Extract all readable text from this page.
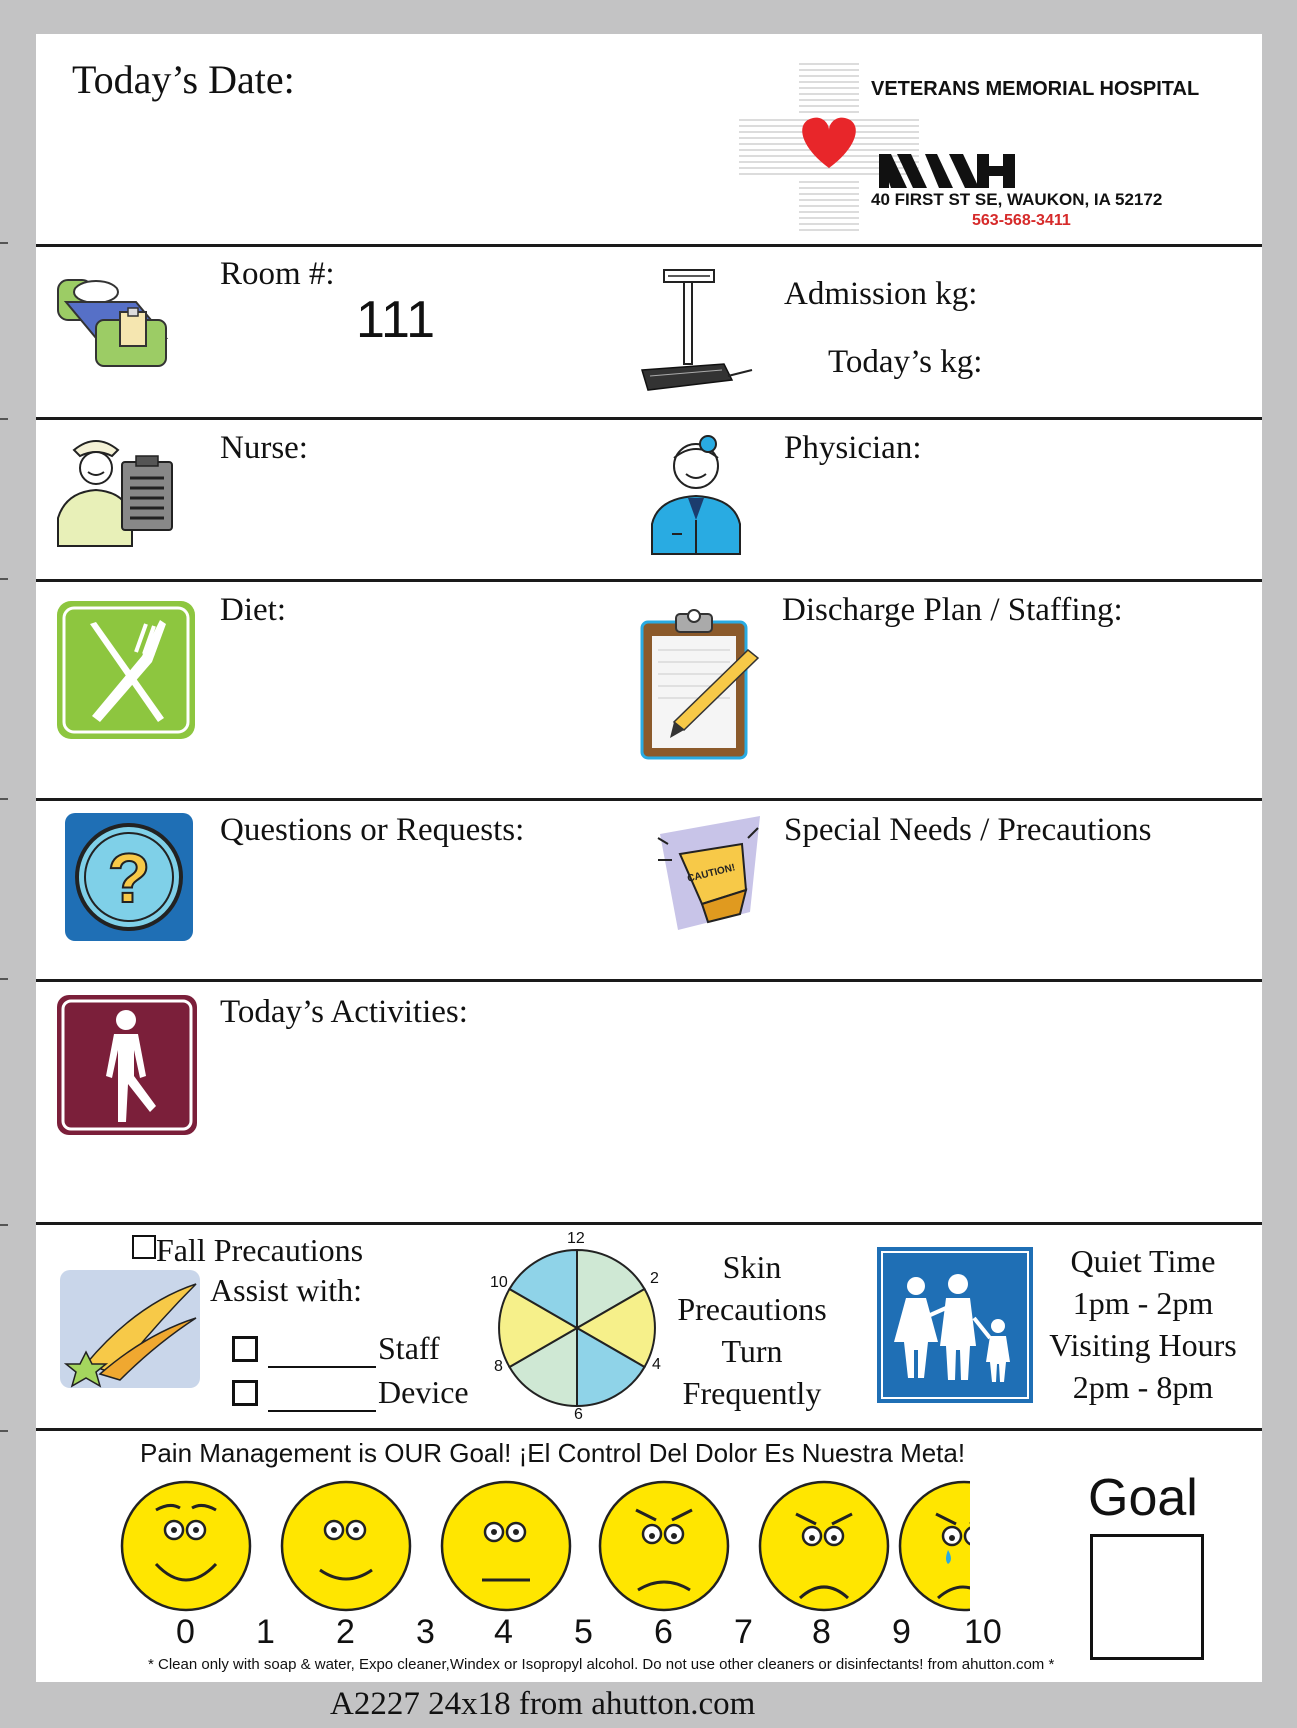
Today’s Date:	VETERANS MEMORIAL HOSPITAL
40 FIRST ST SE, WAUKON, IA 52172
563-568-3411
Room #:
111	Admission kg:
Today’s kg:
Nurse:	Physician:
Diet:	Discharge Plan / Staffing:
?
Questions or Requests:
CAUTION!
Special Needs / Precautions
Today’s Activities:
Fall Precautions
Assist with:
Staff
Device
12
2
4
6
8
10	Skin
Precautions
Turn
Frequently
Quiet Time
1pm - 2pm
Visiting Hours
2pm - 8pm
Pain Management is OUR Goal! ¡El Control Del Dolor Es Nuestra Meta!
0 1 2 3 4 5 6 7 8 9 10
Goal
* Clean only with soap & water, Expo cleaner,Windex or Isopropyl alcohol. Do not use other cleaners or disinfectants! from ahutton.com *
A2227 24x18 from ahutton.com
